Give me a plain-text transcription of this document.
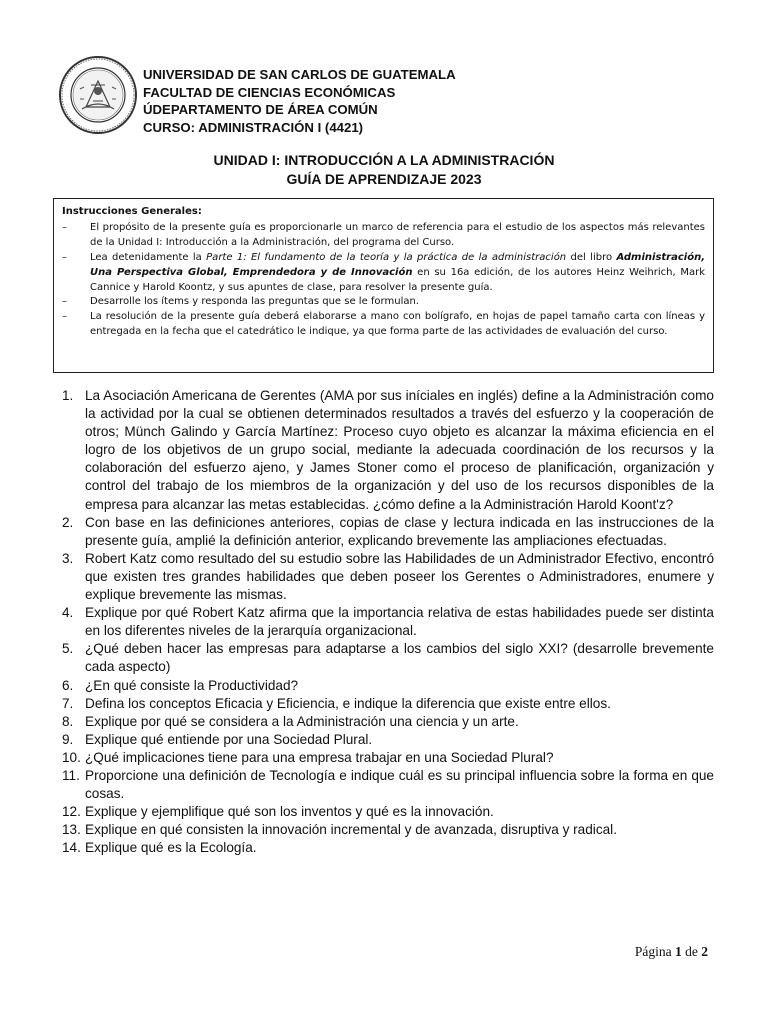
UNIVERSIDAD DE SAN CARLOS DE GUATEMALA
FACULTAD DE CIENCIAS ECONÓMICAS
ÚDEPARTAMENTO DE ÁREA COMÚN
CURSO: ADMINISTRACIÓN I (4421)
UNIDAD I: INTRODUCCIÓN A LA ADMINISTRACIÓN
GUÍA DE APRENDIZAJE 2023
Instrucciones Generales:
– El propósito de la presente guía es proporcionarle un marco de referencia para el estudio de los aspectos más relevantes de la Unidad I: Introducción a la Administración, del programa del Curso.
– Lea detenidamente la Parte 1: El fundamento de la teoría y la práctica de la administración del libro Administración, Una Perspectiva Global, Emprendedora y de Innovación en su 16a edición, de los autores Heinz Weihrich, Mark Cannice y Harold Koontz, y sus apuntes de clase, para resolver la presente guía.
– Desarrolle los ítems y responda las preguntas que se le formulan.
– La resolución de la presente guía deberá elaborarse a mano con bolígrafo, en hojas de papel tamaño carta con líneas y entregada en la fecha que el catedrático le indique, ya que forma parte de las actividades de evaluación del curso.
1. La Asociación Americana de Gerentes (AMA por sus iníciales en inglés) define a la Administración como la actividad por la cual se obtienen determinados resultados a través del esfuerzo y la cooperación de otros; Münch Galindo y García Martínez: Proceso cuyo objeto es alcanzar la máxima eficiencia en el logro de los objetivos de un grupo social, mediante la adecuada coordinación de los recursos y la colaboración del esfuerzo ajeno, y James Stoner como el proceso de planificación, organización y control del trabajo de los miembros de la organización y del uso de los recursos disponibles de la empresa para alcanzar las metas establecidas. ¿cómo define a la Administración Harold Koont'z?
2. Con base en las definiciones anteriores, copias de clase y lectura indicada en las instrucciones de la presente guía, amplié la definición anterior, explicando brevemente las ampliaciones efectuadas.
3. Robert Katz como resultado del su estudio sobre las Habilidades de un Administrador Efectivo, encontró que existen tres grandes habilidades que deben poseer los Gerentes o Administradores, enumere y explique brevemente las mismas.
4. Explique por qué Robert Katz afirma que la importancia relativa de estas habilidades puede ser distinta en los diferentes niveles de la jerarquía organizacional.
5. ¿Qué deben hacer las empresas para adaptarse a los cambios del siglo XXI? (desarrolle brevemente cada aspecto)
6. ¿En qué consiste la Productividad?
7. Defina los conceptos Eficacia y Eficiencia, e indique la diferencia que existe entre ellos.
8. Explique por qué se considera a la Administración una ciencia y un arte.
9. Explique qué entiende por una Sociedad Plural.
10. ¿Qué implicaciones tiene para una empresa trabajar en una Sociedad Plural?
11. Proporcione una definición de Tecnología e indique cuál es su principal influencia sobre la forma en que cosas.
12. Explique y ejemplifique qué son los inventos y qué es la innovación.
13. Explique en qué consisten la innovación incremental y de avanzada, disruptiva y radical.
14. Explique qué es la Ecología.
Página 1 de 2
